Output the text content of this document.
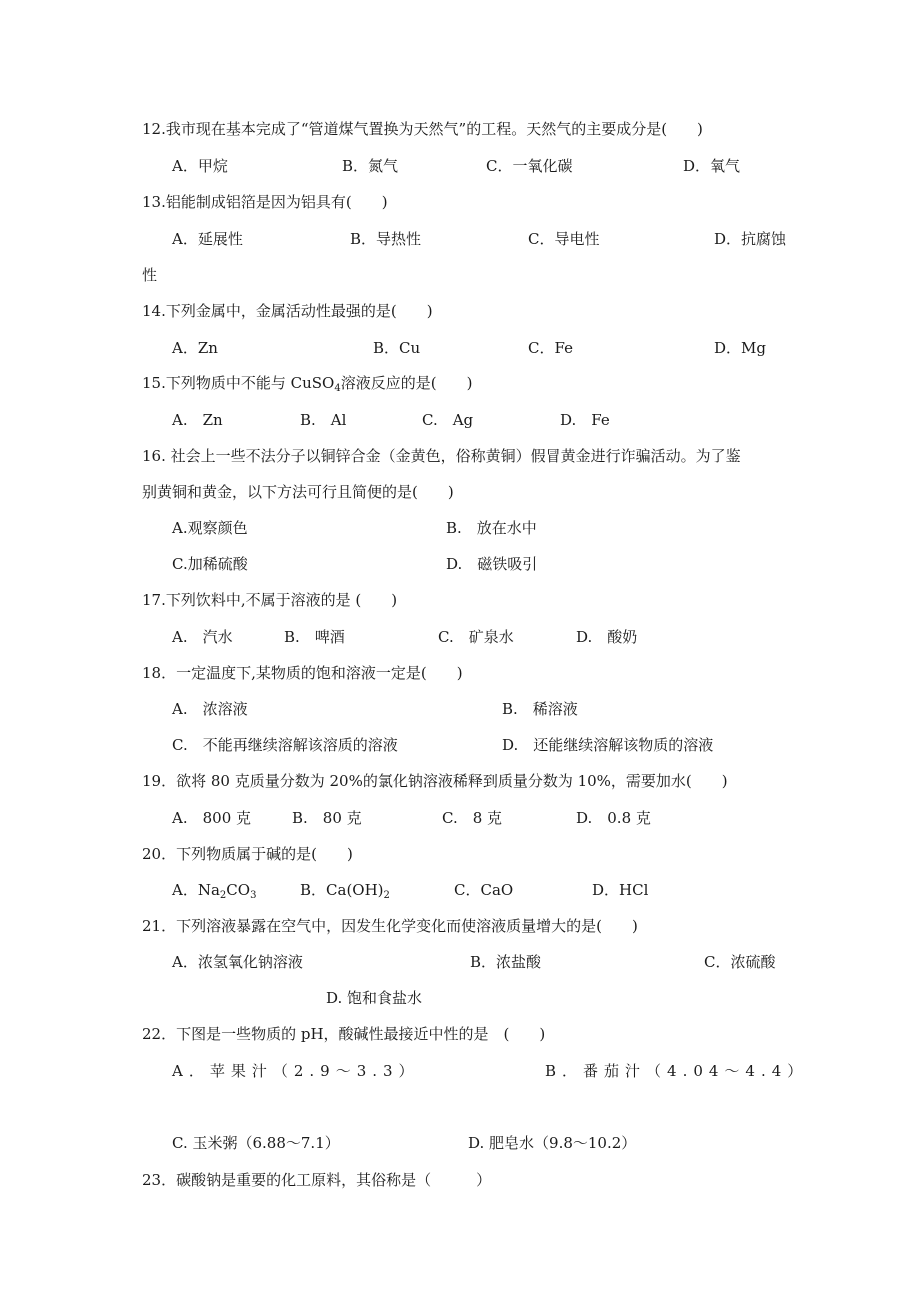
12.我市现在基本完成了“管道煤气置换为天然气”的工程。天然气的主要成分是(　　)
A．甲烷	B．氮气	C．一氧化碳	D．氧气
13.铝能制成铝箔是因为铝具有(　　)
A．延展性	B．导热性	C．导电性	D．抗腐蚀
性
14.下列金属中，金属活动性最强的是(　　)
A．Zn	B．Cu	C．Fe	D．Mg
15.下列物质中不能与 CuSO$_4$溶液反应的是(　　)
A.　Zn	B.　Al	C.　Ag	D.　Fe
16. 社会上一些不法分子以铜锌合金（金黄色，俗称黄铜）假冒黄金进行诈骗活动。为了鉴
别黄铜和黄金，以下方法可行且简便的是(　　)
A.观察颜色	B.　放在水中
C.加稀硫酸	D.　磁铁吸引
17.下列饮料中,不属于溶液的是 (　　)
A.　汽水	B.　啤酒	C.　矿泉水	D.　酸奶
18．一定温度下,某物质的饱和溶液一定是(　　)
A.　浓溶液	B.　稀溶液
C.　不能再继续溶解该溶质的溶液	D.　还能继续溶解该物质的溶液
19．欲将 80 克质量分数为 20%的氯化钠溶液稀释到质量分数为 10%，需要加水(　　)
A.　800 克	B.　80 克	C.　8 克	D.　0.8 克
20．下列物质属于碱的是(　　)
A．$Na_2CO_3$	B．$Ca(OH)_2$	C．CaO	D．HCl
21．下列溶液暴露在空气中，因发生化学变化而使溶液质量增大的是(　　)
A．浓氢氧化钠溶液	B．浓盐酸	C．浓硫酸
D. 饱和食盐水
22．下图是一些物质的 pH，酸碱性最接近中性的是　(　　)
A．苹果汁（2.9～3.3）	B．番茄汁（4.04～4.4）
C. 玉米粥（6.88～7.1）	D. 肥皂水（9.8～10.2）
23．碳酸钠是重要的化工原料，其俗称是（　　　）
